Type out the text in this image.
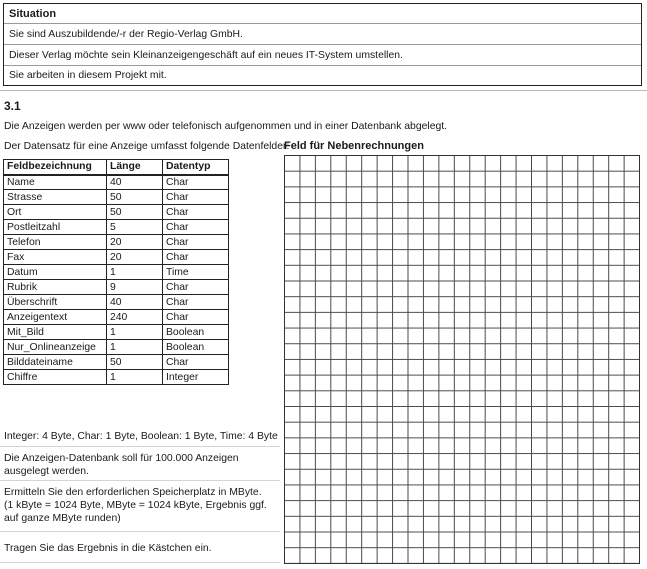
Situation
Sie sind Auszubildende/-r der Regio-Verlag GmbH.
Dieser Verlag möchte sein Kleinanzeigengeschäft auf ein neues IT-System umstellen.
Sie arbeiten in diesem Projekt mit.
3.1
Die Anzeigen werden per www oder telefonisch aufgenommen und in einer Datenbank abgelegt.
Der Datensatz für eine Anzeige umfasst folgende Datenfelder:
Feld für Nebenrechnungen
Feldbezeichnung	Länge	Datentyp
Name	40	Char
Strasse	50	Char
Ort	50	Char
Postleitzahl	5	Char
Telefon	20	Char
Fax	20	Char
Datum	1	Time
Rubrik	9	Char
Überschrift	40	Char
Anzeigentext	240	Char
Mit_Bild	1	Boolean
Nur_Onlineanzeige	1	Boolean
Bilddateiname	50	Char
Chiffre	1	Integer
Integer: 4 Byte, Char: 1 Byte, Boolean: 1 Byte, Time: 4 Byte
Die Anzeigen-Datenbank soll für 100.000 Anzeigen ausgelegt werden.
Ermitteln Sie den erforderlichen Speicherplatz in MByte.
(1 kByte = 1024 Byte, MByte = 1024 kByte, Ergebnis ggf. auf ganze MByte runden)
Tragen Sie das Ergebnis in die Kästchen ein.
